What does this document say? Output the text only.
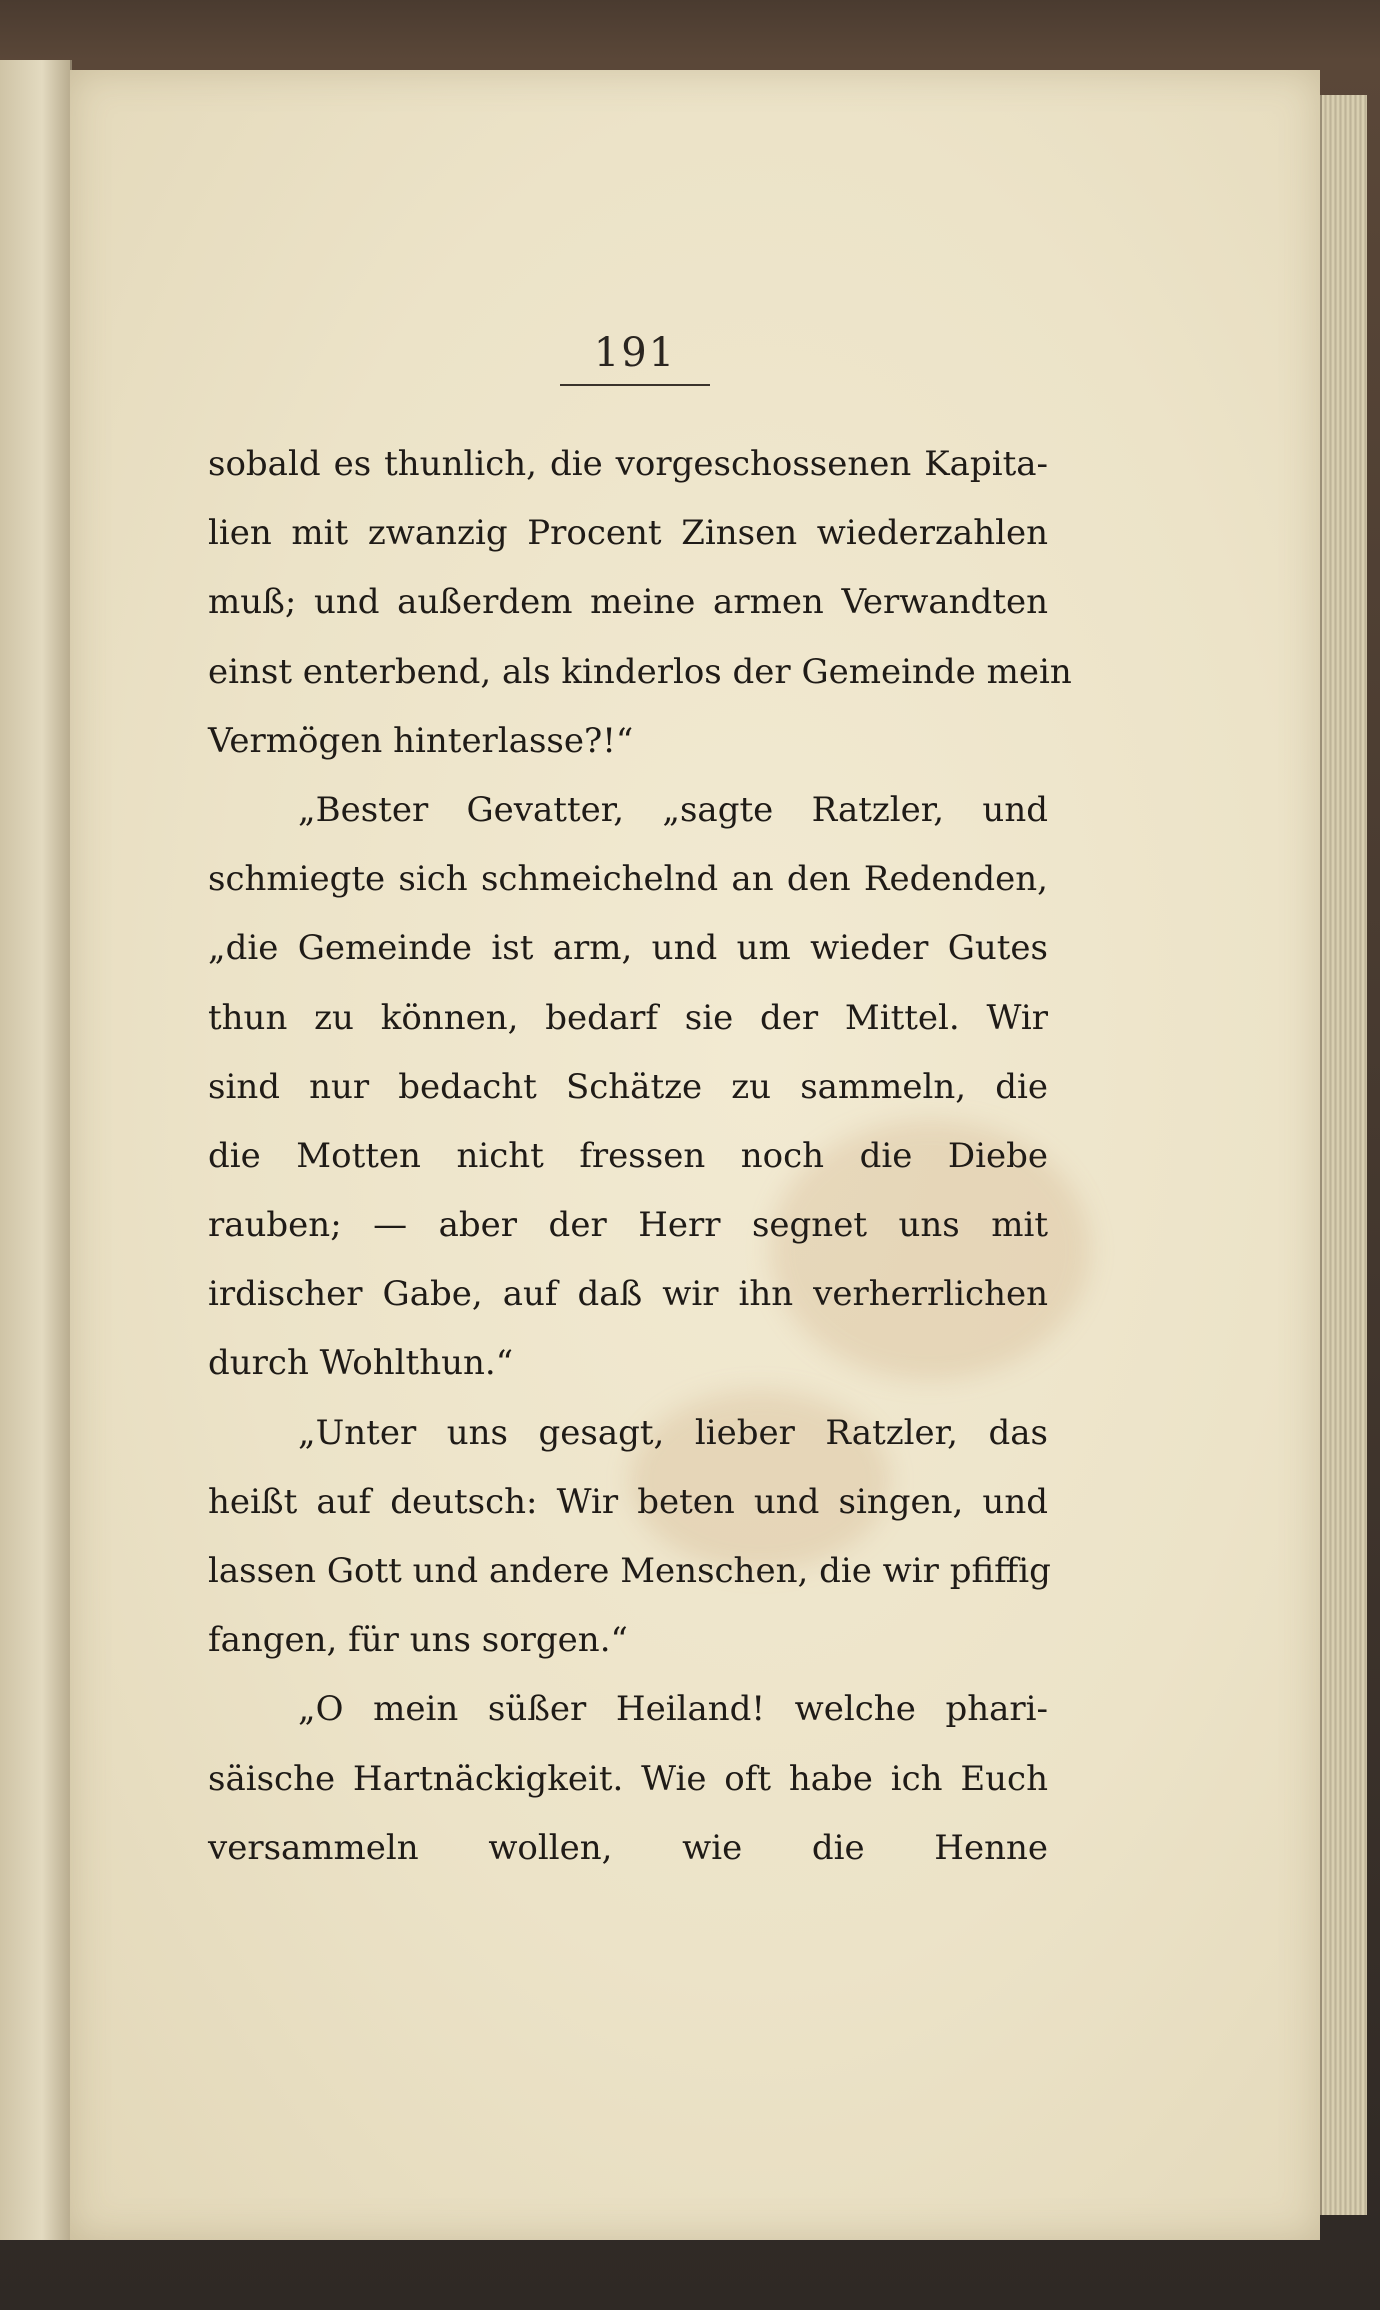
191
sobald es thunlich, die vorgeschossenen Kapita-
lien mit zwanzig Procent Zinsen wiederzahlen
muß; und außerdem meine armen Verwandten
einst enterbend, als kinderlos der Gemeinde mein
Vermögen hinterlasse?!“
„Bester Gevatter, „sagte Ratzler, und
schmiegte sich schmeichelnd an den Redenden,
„die Gemeinde ist arm, und um wieder Gutes
thun zu können, bedarf sie der Mittel. Wir
sind nur bedacht Schätze zu sammeln, die
die Motten nicht fressen noch die Diebe
rauben; — aber der Herr segnet uns mit
irdischer Gabe, auf daß wir ihn verherrlichen
durch Wohlthun.“
„Unter uns gesagt, lieber Ratzler, das
heißt auf deutsch: Wir beten und singen, und
lassen Gott und andere Menschen, die wir pfiffig
fangen, für uns sorgen.“
„O mein süßer Heiland! welche phari-
säische Hartnäckigkeit. Wie oft habe ich Euch
versammeln wollen, wie die Henne
